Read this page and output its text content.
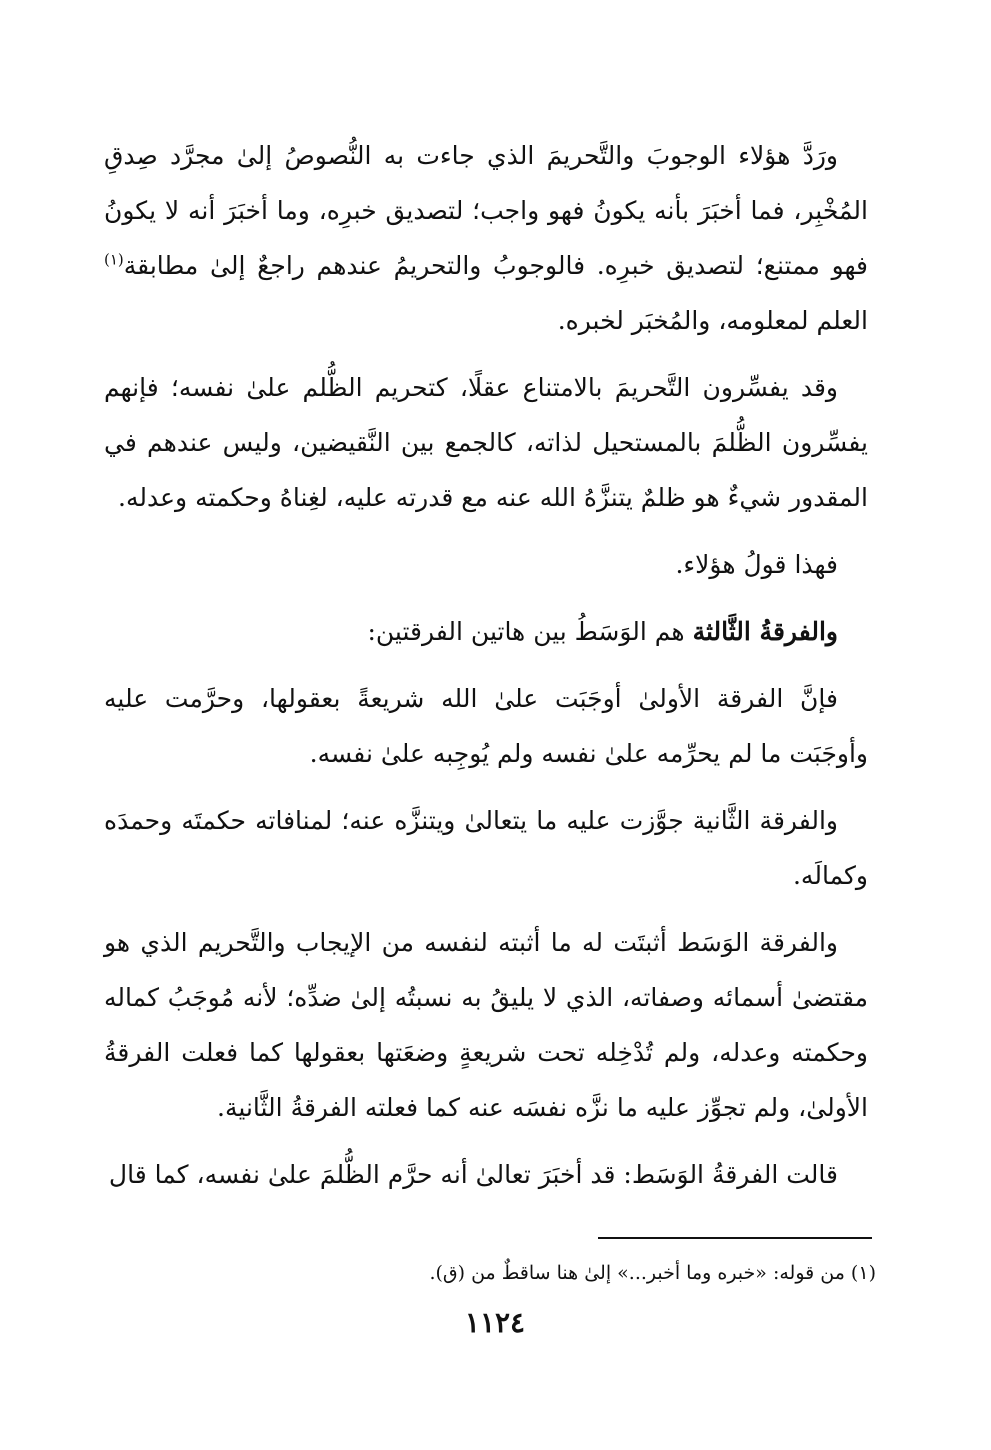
ورَدَّ هؤلاء الوجوبَ والتَّحريمَ الذي جاءت به النُّصوصُ إلىٰ مجرَّد صِدقِ المُخْبِر، فما أخبَرَ بأنه يكونُ فهو واجب؛ لتصديق خبرِه، وما أخبَرَ أنه لا يكونُ فهو ممتنع؛ لتصديق خبرِه. فالوجوبُ والتحريمُ عندهم راجعٌ إلىٰ مطابقة$^{(١)}$ العلم لمعلومه، والمُخبَر لخبره.

وقد يفسِّرون التَّحريمَ بالامتناع عقلًا، كتحريم الظُّلم علىٰ نفسه؛ فإنهم يفسِّرون الظُّلمَ بالمستحيل لذاته، كالجمع بين النَّقيضين، وليس عندهم في المقدور شيءٌ هو ظلمٌ يتنزَّهُ الله عنه مع قدرته عليه، لغِناهُ وحكمته وعدله.

فهذا قولُ هؤلاء.

والفرقةُ الثَّالثة هم الوَسَطُ بين هاتين الفرقتين:

فإنَّ الفرقة الأولىٰ أوجَبَت علىٰ الله شريعةً بعقولها، وحرَّمت عليه وأوجَبَت ما لم يحرِّمه علىٰ نفسه ولم يُوجِبه علىٰ نفسه.

والفرقة الثَّانية جوَّزت عليه ما يتعالىٰ ويتنزَّه عنه؛ لمنافاته حكمتَه وحمدَه وكمالَه.

والفرقة الوَسَط أثبتَت له ما أثبته لنفسه من الإيجاب والتَّحريم الذي هو مقتضىٰ أسمائه وصفاته، الذي لا يليقُ به نسبتُه إلىٰ ضدِّه؛ لأنه مُوجَبُ كماله وحكمته وعدله، ولم تُدْخِله تحت شريعةٍ وضعَتها بعقولها كما فعلت الفرقةُ الأولىٰ، ولم تجوِّز عليه ما نزَّه نفسَه عنه كما فعلته الفرقةُ الثَّانية.

قالت الفرقةُ الوَسَط: قد أخبَرَ تعالىٰ أنه حرَّم الظُّلمَ علىٰ نفسه، كما قال

(١) من قوله: «خبره وما أخبر...» إلىٰ هنا ساقطٌ من (ق).
١١٢٤
